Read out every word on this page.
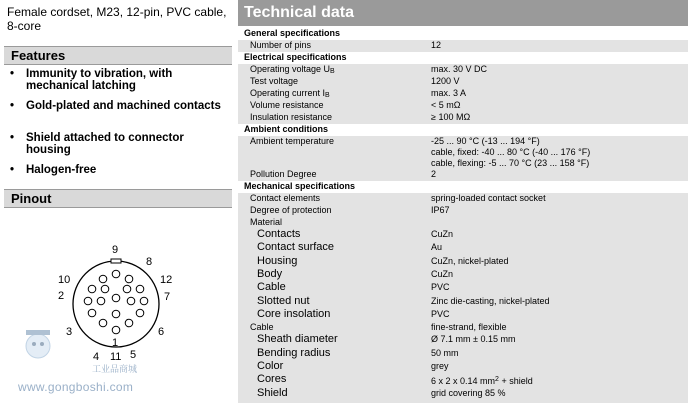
Female cordset, M23, 12-pin, PVC cable, 8-core
Features
•	Immunity to vibration, with mechanical latching
•	Gold-plated and machined contacts
•	Shield attached to connector housing
•	Halogen-free
Pinout
9
8
10	12
2	7
3	6
4 11 5
1
工业品商城
www.gongboshi.com
Technical data
General specifications
Number of pins	12
Electrical specifications
Operating voltage $U_B$	max. 30 V DC
Test voltage	1200 V
Operating current $I_B$	max. 3 A
Volume resistance	< 5 mΩ
Insulation resistance	≥ 100 MΩ
Ambient conditions
Ambient temperature	-25 ... 90 °C (-13 ... 194 °F)
cable, fixed: -40 ... 80 °C (-40 ... 176 °F)
cable, flexing: -5 ... 70 °C (23 ... 158 °F)
Pollution Degree	2
Mechanical specifications
Contact elements	spring-loaded contact socket
Degree of protection	IP67
Material
Contacts	CuZn
Contact surface	Au
Housing	CuZn, nickel-plated
Body	CuZn
Cable	PVC
Slotted nut	Zinc die-casting, nickel-plated
Core insolation	PVC
Cable	fine-strand, flexible
Sheath diameter	Ø 7.1 mm ± 0.15 mm
Bending radius	50 mm
Color	grey
Cores	6 x 2 x 0.14 $mm^2$ + shield
Shield	grid covering 85 %
